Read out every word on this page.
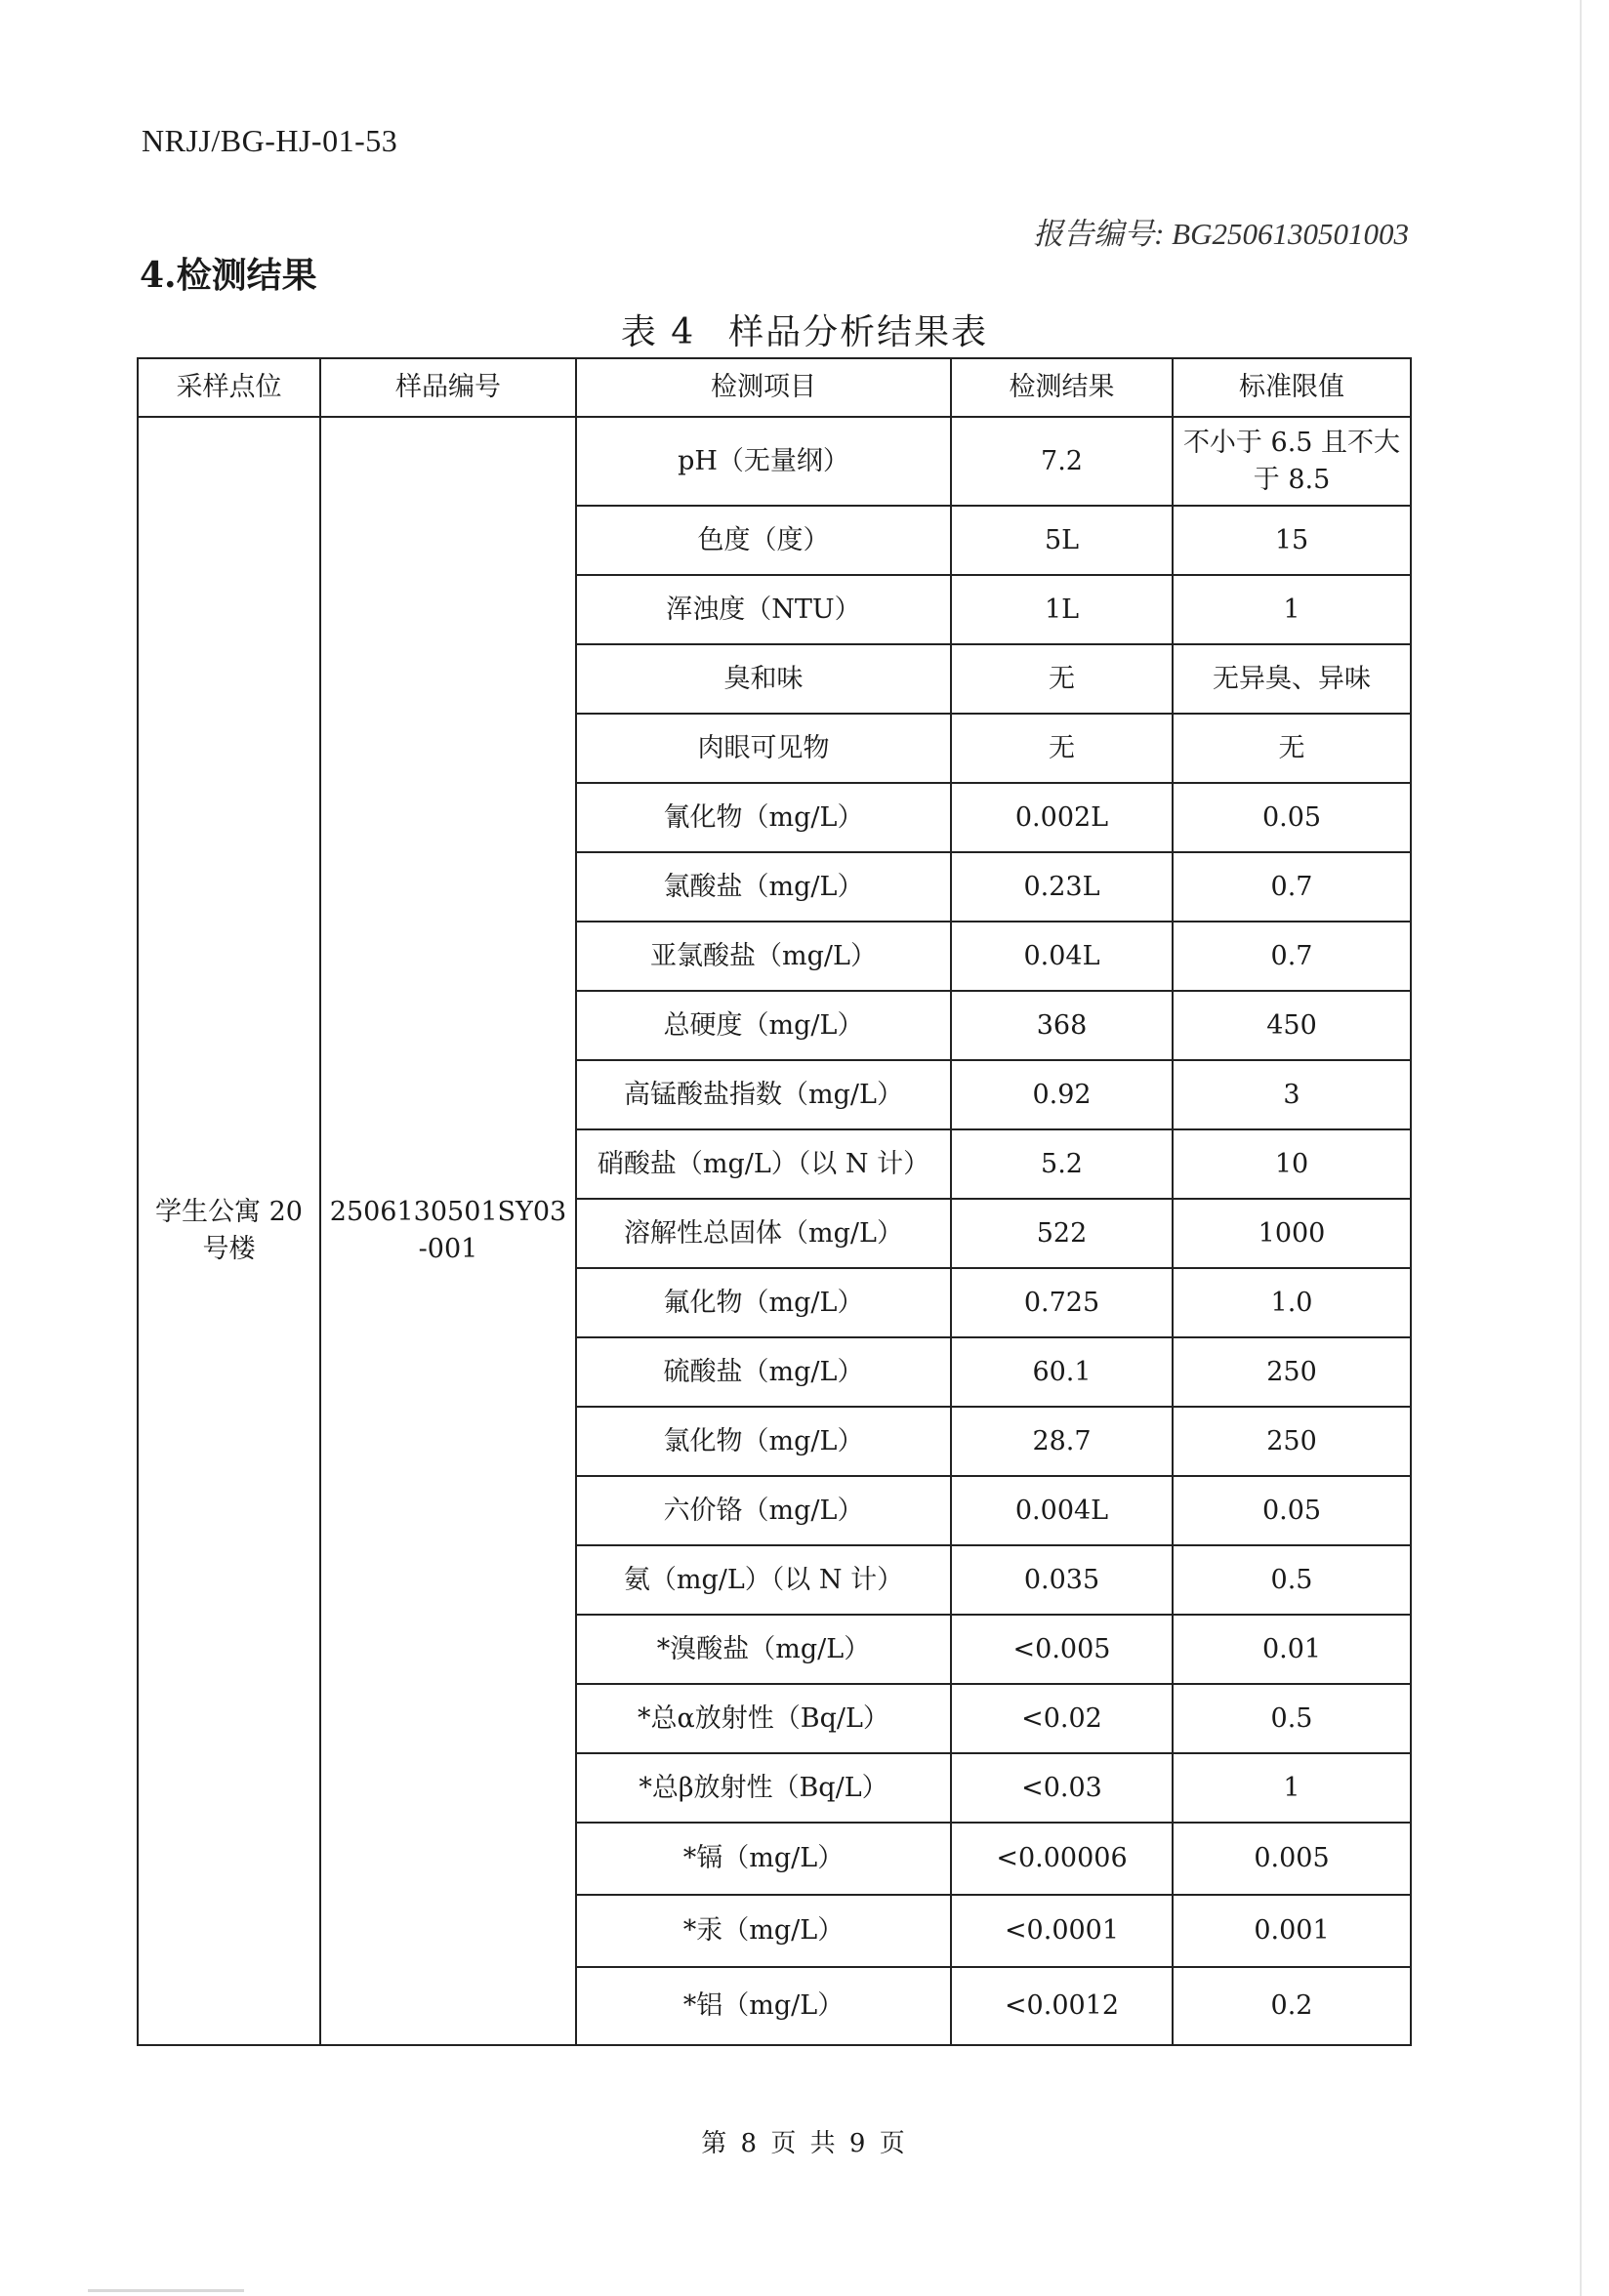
NRJJ/BG-HJ-01-53
报告编号: BG2506130501003
4.检测结果
表 4 样品分析结果表
采样点位	样品编号	检测项目	检测结果	标准限值
学生公寓 20 号楼	2506130501SY03-001	pH（无量纲）	7.2	不小于 6.5 且不大于 8.5
		色度（度）	5L	15
		浑浊度（NTU）	1L	1
		臭和味	无	无异臭、异味
		肉眼可见物	无	无
		氰化物（mg/L）	0.002L	0.05
		氯酸盐（mg/L）	0.23L	0.7
		亚氯酸盐（mg/L）	0.04L	0.7
		总硬度（mg/L）	368	450
		高锰酸盐指数（mg/L）	0.92	3
		硝酸盐（mg/L）（以 N 计）	5.2	10
		溶解性总固体（mg/L）	522	1000
		氟化物（mg/L）	0.725	1.0
		硫酸盐（mg/L）	60.1	250
		氯化物（mg/L）	28.7	250
		六价铬（mg/L）	0.004L	0.05
		氨（mg/L）（以 N 计）	0.035	0.5
		*溴酸盐（mg/L）	<0.005	0.01
		*总α放射性（Bq/L）	<0.02	0.5
		*总β放射性（Bq/L）	<0.03	1
		*镉（mg/L）	<0.00006	0.005
		*汞（mg/L）	<0.0001	0.001
		*铝（mg/L）	<0.0012	0.2
第 8 页 共 9 页
